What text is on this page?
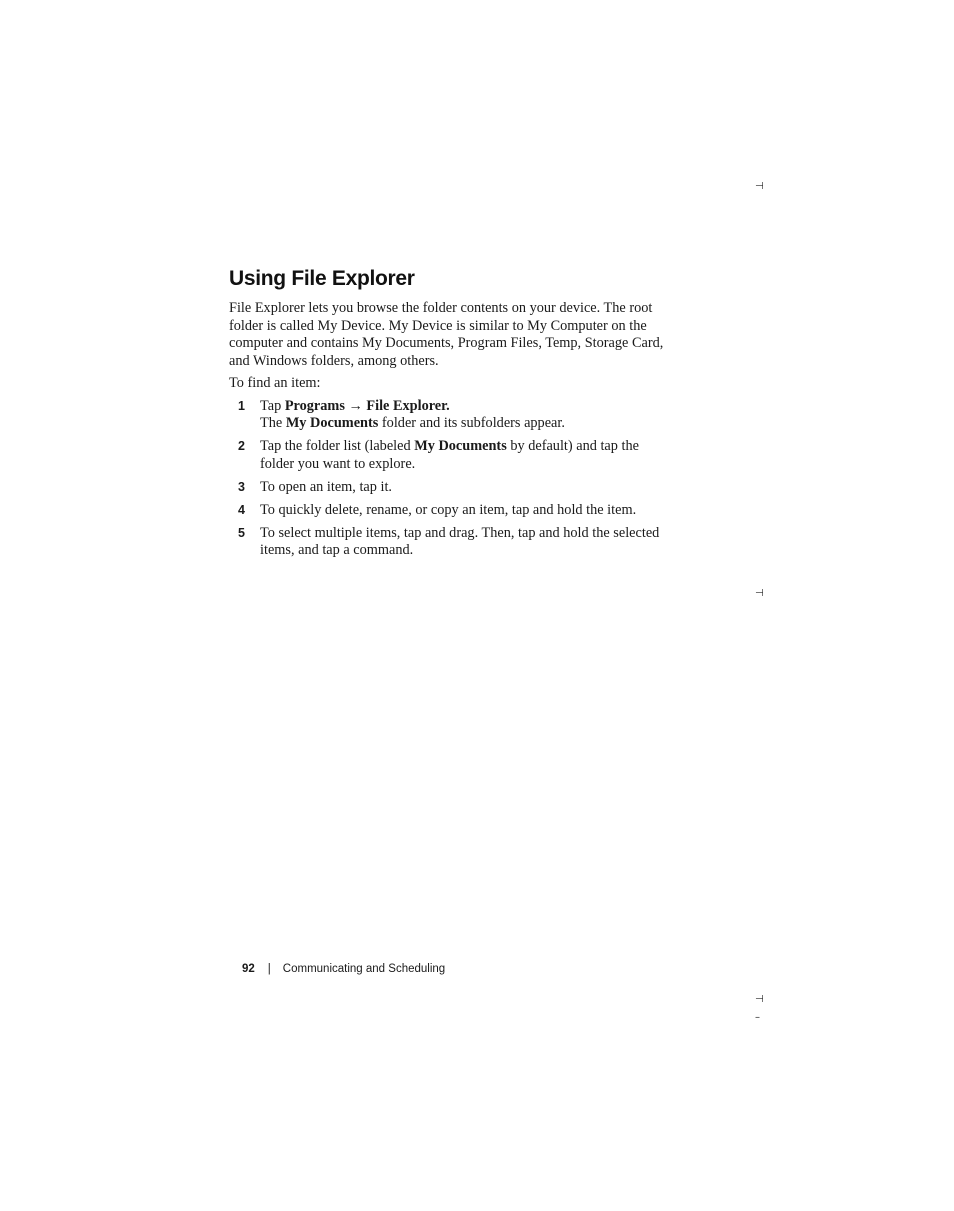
⊣
⊣
⊣
–
Using File Explorer

File Explorer lets you browse the folder contents on your device. The root folder is called My Device. My Device is similar to My Computer on the computer and contains My Documents, Program Files, Temp, Storage Card, and Windows folders, among others.

To find an item:

1 Tap Programs → File Explorer.
The My Documents folder and its subfolders appear.
2 Tap the folder list (labeled My Documents by default) and tap the folder you want to explore.
3 To open an item, tap it.
4 To quickly delete, rename, or copy an item, tap and hold the item.
5 To select multiple items, tap and drag. Then, tap and hold the selected items, and tap a command.
92 | Communicating and Scheduling
